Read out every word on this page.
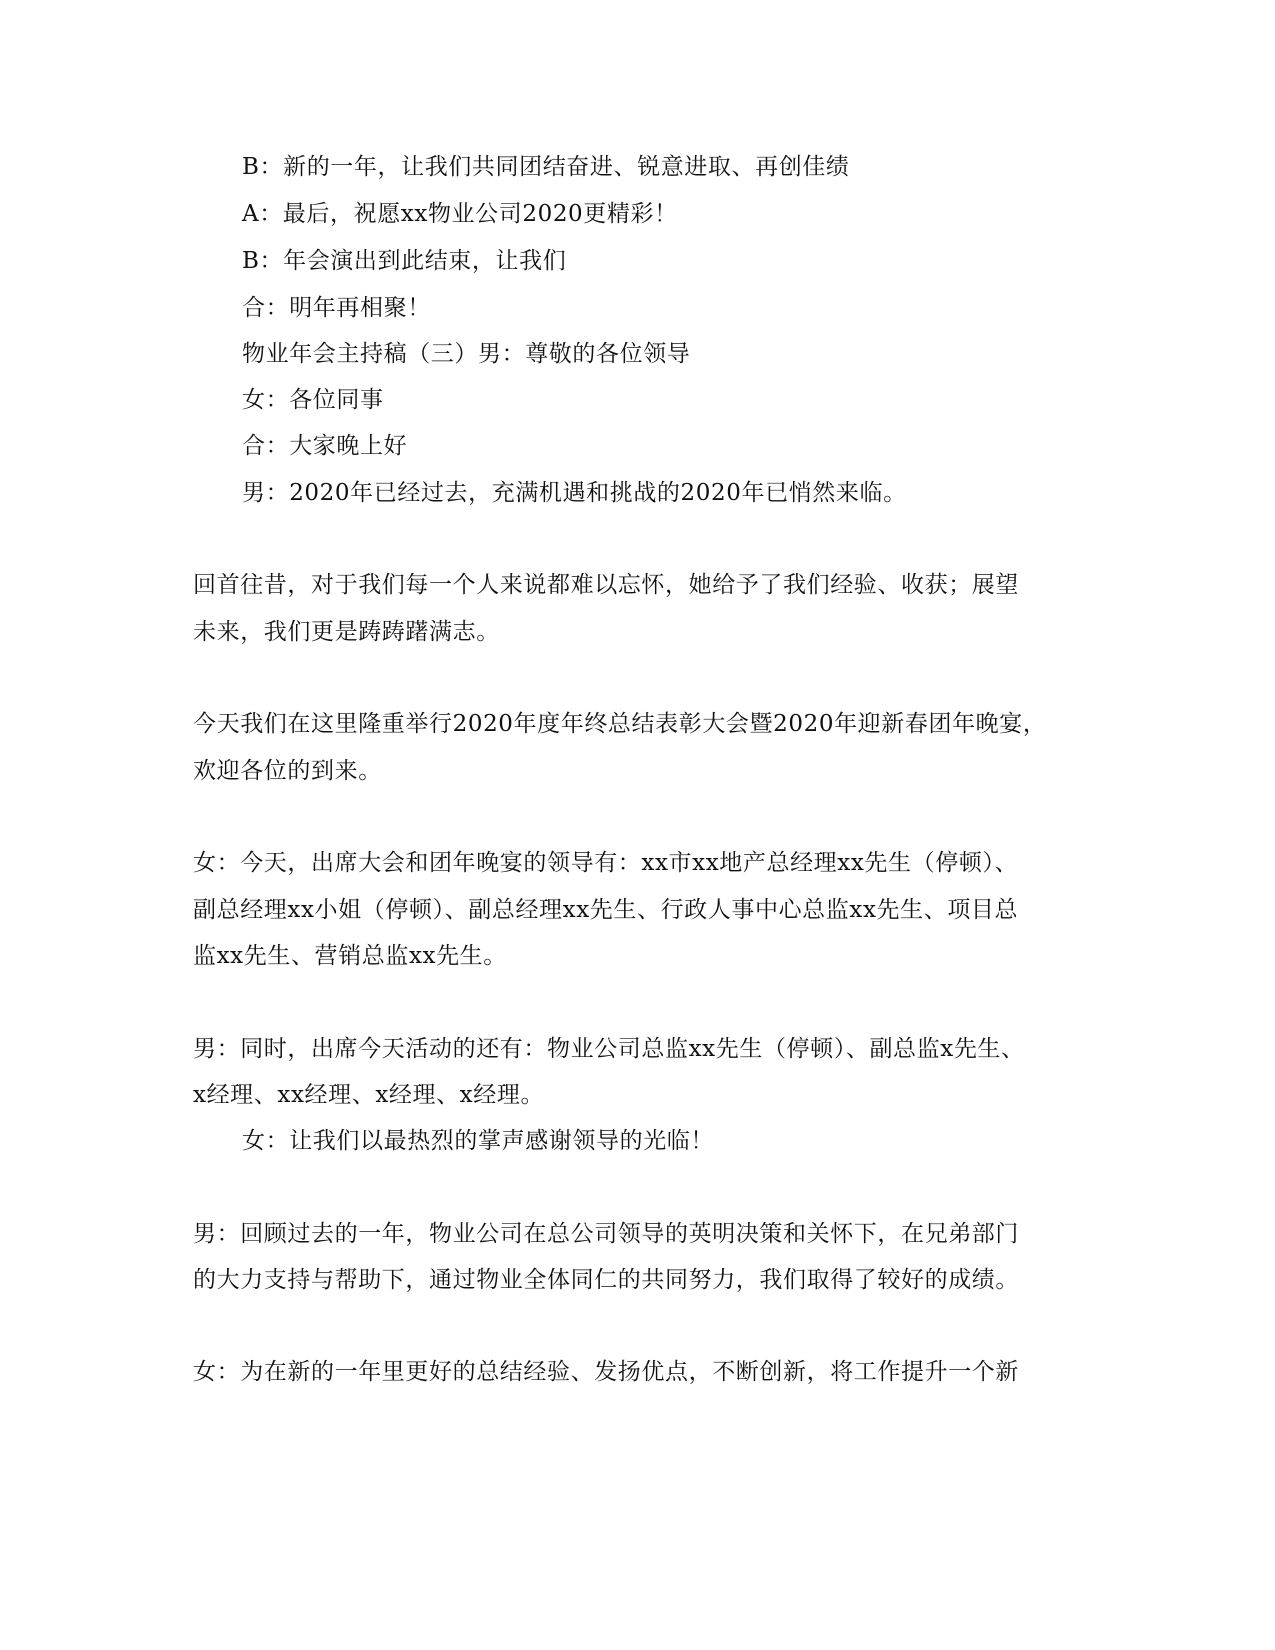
B：新的一年，让我们共同团结奋进、锐意进取、再创佳绩
A：最后，祝愿xx物业公司2020更精彩！
B：年会演出到此结束，让我们
合：明年再相聚！
物业年会主持稿（三）男：尊敬的各位领导
女：各位同事
合：大家晚上好
男：2020年已经过去，充满机遇和挑战的2020年已悄然来临。
回首往昔，对于我们每一个人来说都难以忘怀，她给予了我们经验、收获；展望
未来，我们更是踌踌躇满志。
今天我们在这里隆重举行2020年度年终总结表彰大会暨2020年迎新春团年晚宴，
欢迎各位的到来。
女：今天，出席大会和团年晚宴的领导有：xx市xx地产总经理xx先生（停顿）、
副总经理xx小姐（停顿）、副总经理xx先生、行政人事中心总监xx先生、项目总
监xx先生、营销总监xx先生。
男：同时，出席今天活动的还有：物业公司总监xx先生（停顿）、副总监x先生、
x经理、xx经理、x经理、x经理。
女：让我们以最热烈的掌声感谢领导的光临！
男：回顾过去的一年，物业公司在总公司领导的英明决策和关怀下，在兄弟部门
的大力支持与帮助下，通过物业全体同仁的共同努力，我们取得了较好的成绩。
女：为在新的一年里更好的总结经验、发扬优点，不断创新，将工作提升一个新
